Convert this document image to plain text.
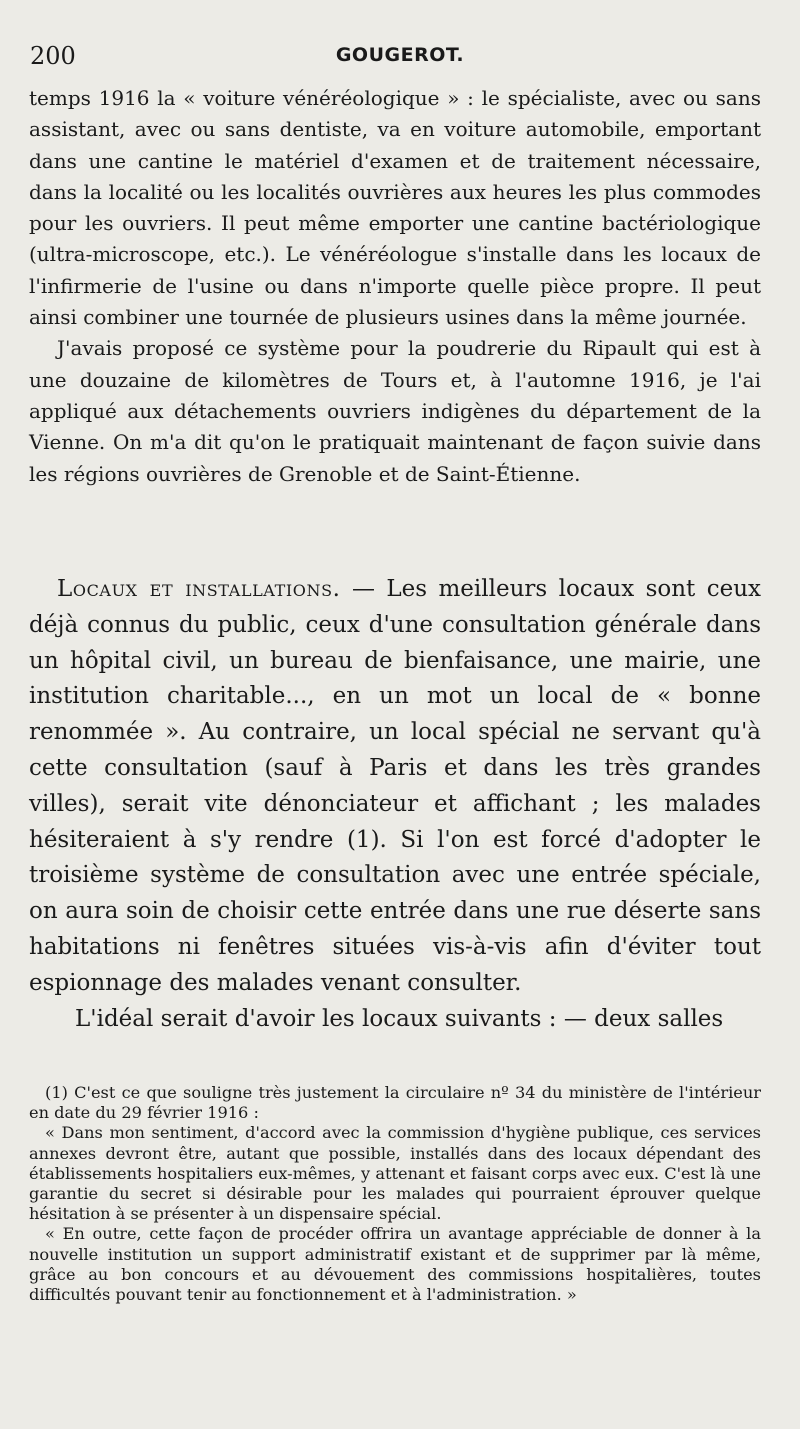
200	GOUGEROT.

temps 1916 la « voiture vénéréologique » : le spécialiste, avec ou sans assistant, avec ou sans dentiste, va en voiture automobile, emportant dans une cantine le matériel d'examen et de traitement nécessaire, dans la localité ou les localités ouvrières aux heures les plus commodes pour les ouvriers. Il peut même emporter une cantine bactériologique (ultra-microscope, etc.). Le vénéréologue s'installe dans les locaux de l'infirmerie de l'usine ou dans n'importe quelle pièce propre. Il peut ainsi combiner une tournée de plusieurs usines dans la même journée.

J'avais proposé ce système pour la poudrerie du Ripault qui est à une douzaine de kilomètres de Tours et, à l'automne 1916, je l'ai appliqué aux détachements ouvriers indigènes du département de la Vienne. On m'a dit qu'on le pratiquait maintenant de façon suivie dans les régions ouvrières de Grenoble et de Saint-Étienne.

Locaux et installations. — Les meilleurs locaux sont ceux déjà connus du public, ceux d'une consultation générale dans un hôpital civil, un bureau de bienfaisance, une mairie, une institution charitable..., en un mot un local de « bonne renommée ». Au contraire, un local spécial ne servant qu'à cette consultation (sauf à Paris et dans les très grandes villes), serait vite dénonciateur et affichant ; les malades hésiteraient à s'y rendre (1). Si l'on est forcé d'adopter le troisième système de consultation avec une entrée spéciale, on aura soin de choisir cette entrée dans une rue déserte sans habitations ni fenêtres situées vis-à-vis afin d'éviter tout espionnage des malades venant consulter.

L'idéal serait d'avoir les locaux suivants : — deux salles

(1) C'est ce que souligne très justement la circulaire nº 34 du ministère de l'intérieur en date du 29 février 1916 :

« Dans mon sentiment, d'accord avec la commission d'hygiène publique, ces services annexes devront être, autant que possible, installés dans des locaux dépendant des établissements hospitaliers eux-mêmes, y attenant et faisant corps avec eux. C'est là une garantie du secret si désirable pour les malades qui pourraient éprouver quelque hésitation à se présenter à un dispensaire spécial.

« En outre, cette façon de procéder offrira un avantage appréciable de donner à la nouvelle institution un support administratif existant et de supprimer par là même, grâce au bon concours et au dévouement des commissions hospitalières, toutes difficultés pouvant tenir au fonctionnement et à l'administration. »
